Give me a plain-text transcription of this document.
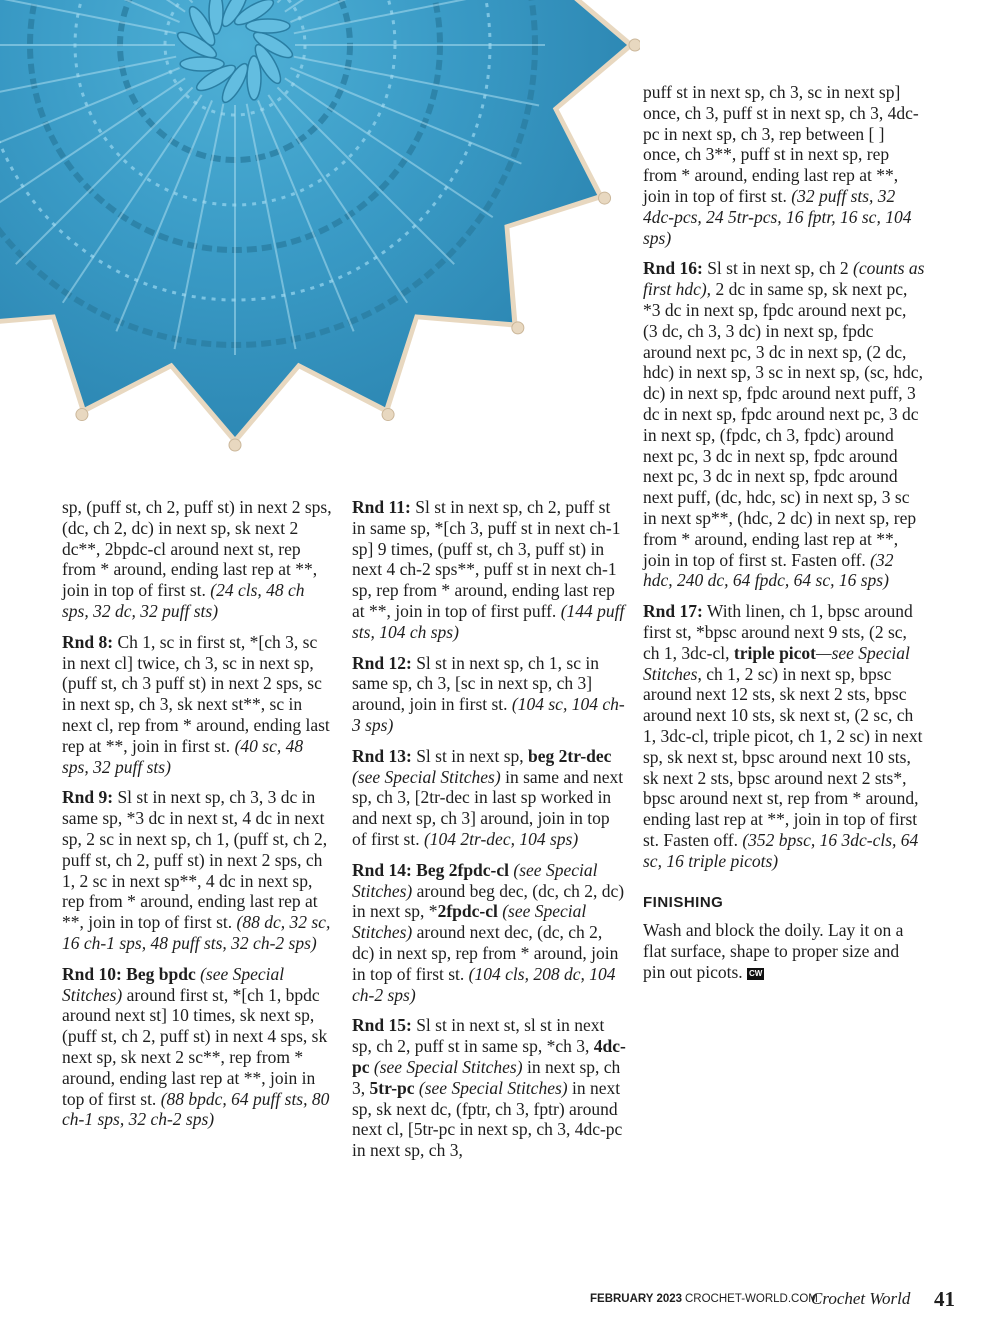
sp, (puff st, ch 2, puff st) in next 2 sps, (dc, ch 2, dc) in next sp, sk next 2 dc**, 2bpdc-cl around next st, rep from * around, ending last rep at **, join in top of first st. (24 cls, 48 ch sps, 32 dc, 32 puff sts)

Rnd 8: Ch 1, sc in first st, *[ch 3, sc in next cl] twice, ch 3, sc in next sp, (puff st, ch 3 puff st) in next 2 sps, sc in next sp, ch 3, sk next st**, sc in next cl, rep from * around, ending last rep at **, join in first st. (40 sc, 48 sps, 32 puff sts)

Rnd 9: Sl st in next sp, ch 3, 3 dc in same sp, *3 dc in next st, 4 dc in next sp, 2 sc in next sp, ch 1, (puff st, ch 2, puff st, ch 2, puff st) in next 2 sps, ch 1, 2 sc in next sp**, 4 dc in next sp, rep from * around, ending last rep at **, join in top of first st. (88 dc, 32 sc, 16 ch-1 sps, 48 puff sts, 32 ch-2 sps)

Rnd 10: Beg bpdc (see Special Stitches) around first st, *[ch 1, bpdc around next st] 10 times, sk next sp, (puff st, ch 2, puff st) in next 4 sps, sk next sp, sk next 2 sc**, rep from * around, ending last rep at **, join in top of first st. (88 bpdc, 64 puff sts, 80 ch-1 sps, 32 ch-2 sps)

Rnd 11: Sl st in next sp, ch 2, puff st in same sp, *[ch 3, puff st in next ch-1 sp] 9 times, (puff st, ch 3, puff st) in next 4 ch-2 sps**, puff st in next ch-1 sp, rep from * around, ending last rep at **, join in top of first puff. (144 puff sts, 104 ch sps)

Rnd 12: Sl st in next sp, ch 1, sc in same sp, ch 3, [sc in next sp, ch 3] around, join in first st. (104 sc, 104 ch-3 sps)

Rnd 13: Sl st in next sp, beg 2tr-dec (see Special Stitches) in same and next sp, ch 3, [2tr-dec in last sp worked in and next sp, ch 3] around, join in top of first st. (104 2tr-dec, 104 sps)

Rnd 14: Beg 2fpdc-cl (see Special Stitches) around beg dec, (dc, ch 2, dc) in next sp, *2fpdc-cl (see Special Stitches) around next dec, (dc, ch 2, dc) in next sp, rep from * around, join in top of first st. (104 cls, 208 dc, 104 ch-2 sps)

Rnd 15: Sl st in next st, sl st in next sp, ch 2, puff st in same sp, *ch 3, 4dc-pc (see Special Stitches) in next sp, ch 3, 5tr-pc (see Special Stitches) in next sp, sk next dc, (fptr, ch 3, fptr) around next cl, [5tr-pc in next sp, ch 3, 4dc-pc in next sp, ch 3,

puff st in next sp, ch 3, sc in next sp] once, ch 3, puff st in next sp, ch 3, 4dc-pc in next sp, ch 3, rep between [ ] once, ch 3**, puff st in next sp, rep from * around, ending last rep at **, join in top of first st. (32 puff sts, 32 4dc-pcs, 24 5tr-pcs, 16 fptr, 16 sc, 104 sps)

Rnd 16: Sl st in next sp, ch 2 (counts as first hdc), 2 dc in same sp, sk next pc, *3 dc in next sp, fpdc around next pc, (3 dc, ch 3, 3 dc) in next sp, fpdc around next pc, 3 dc in next sp, (2 dc, hdc) in next sp, 3 sc in next sp, (sc, hdc, dc) in next sp, fpdc around next puff, 3 dc in next sp, fpdc around next pc, 3 dc in next sp, (fpdc, ch 3, fpdc) around next pc, 3 dc in next sp, fpdc around next pc, 3 dc in next sp, fpdc around next puff, (dc, hdc, sc) in next sp, 3 sc in next sp**, (hdc, 2 dc) in next sp, rep from * around, ending last rep at **, join in top of first st. Fasten off. (32 hdc, 240 dc, 64 fpdc, 64 sc, 16 sps)

Rnd 17: With linen, ch 1, bpsc around first st, *bpsc around next 9 sts, (2 sc, ch 1, 3dc-cl, triple picot—see Special Stitches, ch 1, 2 sc) in next sp, bpsc around next 12 sts, sk next 2 sts, bpsc around next 10 sts, sk next st, (2 sc, ch 1, 3dc-cl, triple picot, ch 1, 2 sc) in next sp, sk next st, bpsc around next 10 sts, sk next 2 sts, bpsc around next 2 sts*, bpsc around next st, rep from * around, ending last rep at **, join in top of first st. Fasten off. (352 bpsc, 16 3dc-cls, 64 sc, 16 triple picots)

FINISHING

Wash and block the doily. Lay it on a flat surface, shape to proper size and pin out picots. CW

FEBRUARY 2023 CROCHET-WORLD.COM
Crochet World 41
